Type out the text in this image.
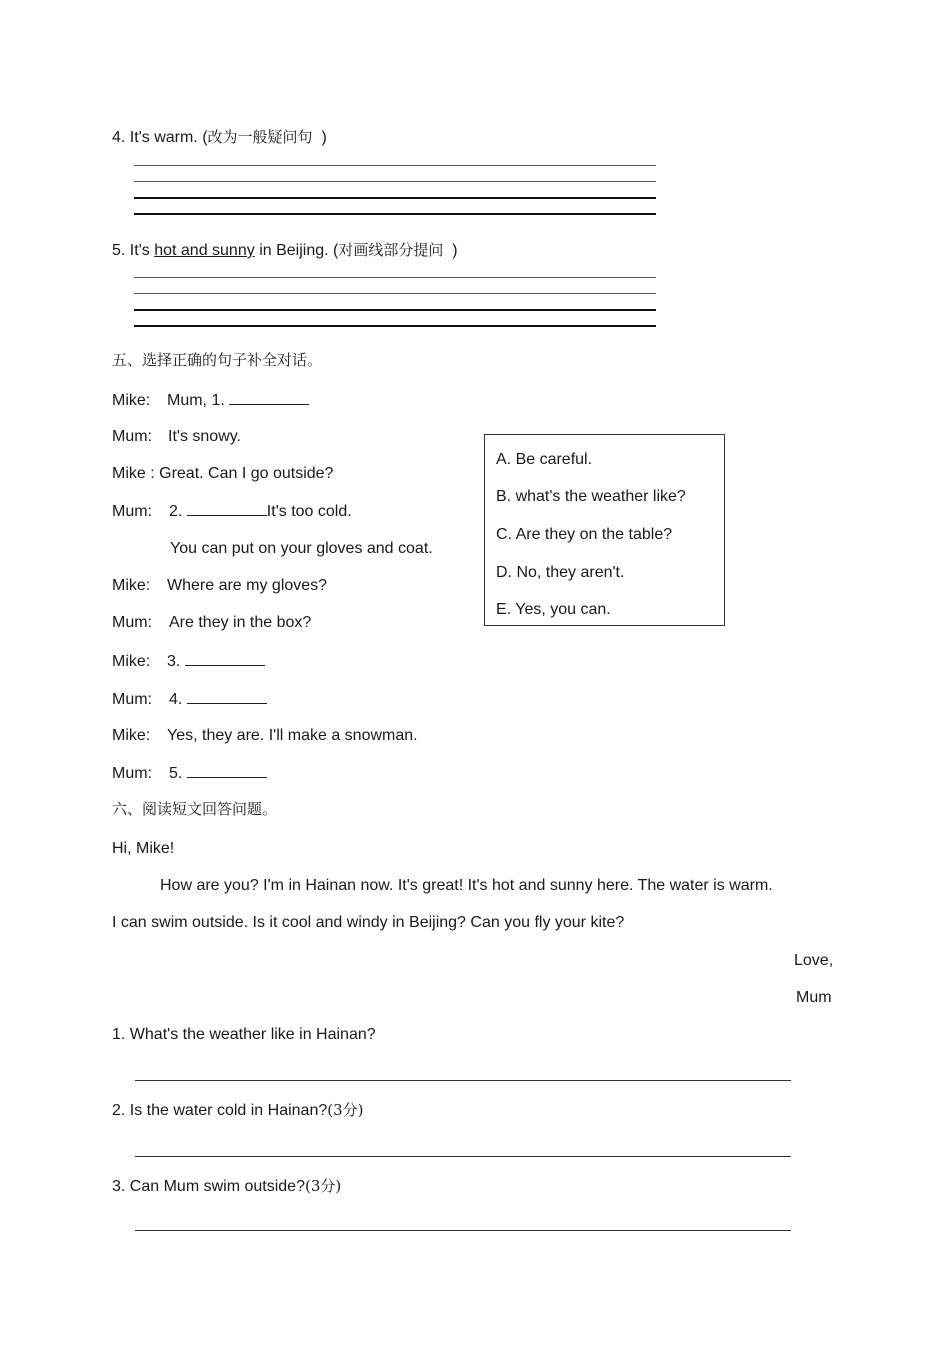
4. It's warm. (改为一般疑问句 )
5. It's hot and sunny in Beijing. (对画线部分提问 )
五、选择正确的句子补全对话。
Mike: Mum, 1.
Mum: It's snowy.
Mike : Great. Can I go outside?
Mum: 2.	It's too cold.
You can put on your gloves and coat.
Mike: Where are my gloves?
Mum: Are they in the box?
Mike: 3.
Mum: 4.
Mike: Yes, they are. I'll make a snowman.
Mum: 5.
A. Be careful.
B. what's the weather like?
C. Are they on the table?
D. No, they aren't.
E. Yes, you can.
六、阅读短文回答问题。
Hi, Mike!
How are you? I'm in Hainan now. It's great! It's hot and sunny here. The water is warm.
I can swim outside. Is it cool and windy in Beijing? Can you fly your kite?
Love,
Mum
1. What's the weather like in Hainan?
2. Is the water cold in Hainan?(3分)
3. Can Mum swim outside?(3分)
